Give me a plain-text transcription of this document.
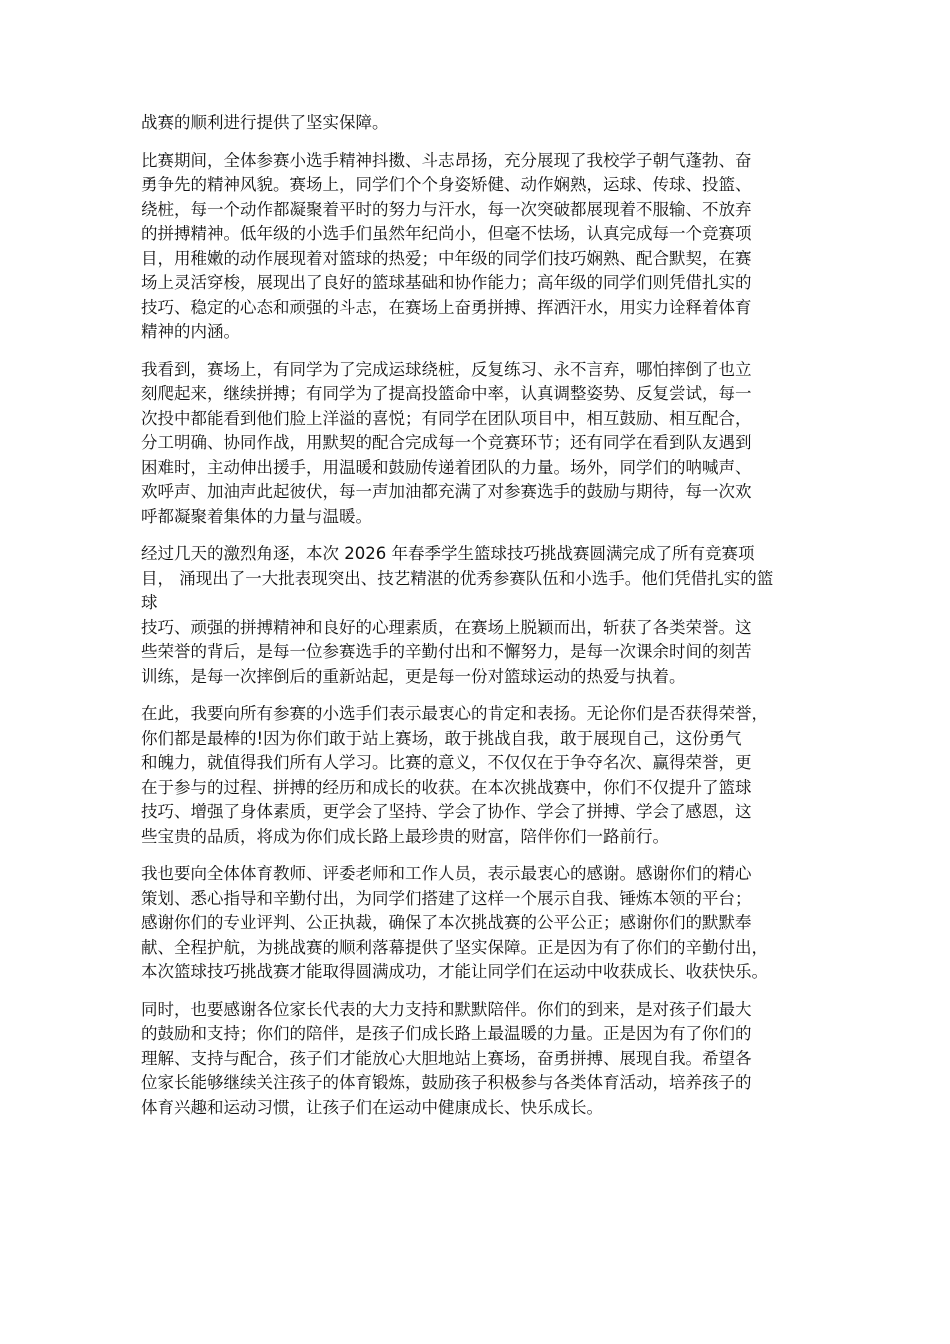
战赛的顺利进行提供了坚实保障。
比赛期间，全体参赛小选手精神抖擞、斗志昂扬，充分展现了我校学子朝气蓬勃、奋
勇争先的精神风貌。赛场上，同学们个个身姿矫健、动作娴熟，运球、传球、投篮、
绕桩，每一个动作都凝聚着平时的努力与汗水，每一次突破都展现着不服输、不放弃
的拼搏精神。低年级的小选手们虽然年纪尚小，但毫不怯场，认真完成每一个竞赛项
目，用稚嫩的动作展现着对篮球的热爱；中年级的同学们技巧娴熟、配合默契，在赛
场上灵活穿梭，展现出了良好的篮球基础和协作能力；高年级的同学们则凭借扎实的
技巧、稳定的心态和顽强的斗志，在赛场上奋勇拼搏、挥洒汗水，用实力诠释着体育
精神的内涵。
我看到，赛场上，有同学为了完成运球绕桩，反复练习、永不言弃，哪怕摔倒了也立
刻爬起来，继续拼搏；有同学为了提高投篮命中率，认真调整姿势、反复尝试，每一
次投中都能看到他们脸上洋溢的喜悦；有同学在团队项目中，相互鼓励、相互配合，
分工明确、协同作战，用默契的配合完成每一个竞赛环节；还有同学在看到队友遇到
困难时，主动伸出援手，用温暖和鼓励传递着团队的力量。场外，同学们的呐喊声、
欢呼声、加油声此起彼伏，每一声加油都充满了对参赛选手的鼓励与期待，每一次欢
呼都凝聚着集体的力量与温暖。
经过几天的激烈角逐，本次 2026 年春季学生篮球技巧挑战赛圆满完成了所有竞赛项
目， 涌现出了一大批表现突出、技艺精湛的优秀参赛队伍和小选手。他们凭借扎实的篮
球
技巧、顽强的拼搏精神和良好的心理素质，在赛场上脱颖而出，斩获了各类荣誉。这
些荣誉的背后，是每一位参赛选手的辛勤付出和不懈努力，是每一次课余时间的刻苦
训练，是每一次摔倒后的重新站起，更是每一份对篮球运动的热爱与执着。
在此，我要向所有参赛的小选手们表示最衷心的肯定和表扬。无论你们是否获得荣誉，
你们都是最棒的!因为你们敢于站上赛场，敢于挑战自我，敢于展现自己，这份勇气
和魄力，就值得我们所有人学习。比赛的意义，不仅仅在于争夺名次、赢得荣誉，更
在于参与的过程、拼搏的经历和成长的收获。在本次挑战赛中，你们不仅提升了篮球
技巧、增强了身体素质，更学会了坚持、学会了协作、学会了拼搏、学会了感恩，这
些宝贵的品质，将成为你们成长路上最珍贵的财富，陪伴你们一路前行。
我也要向全体体育教师、评委老师和工作人员，表示最衷心的感谢。感谢你们的精心
策划、悉心指导和辛勤付出，为同学们搭建了这样一个展示自我、锤炼本领的平台；
感谢你们的专业评判、公正执裁，确保了本次挑战赛的公平公正；感谢你们的默默奉
献、全程护航，为挑战赛的顺利落幕提供了坚实保障。正是因为有了你们的辛勤付出，
本次篮球技巧挑战赛才能取得圆满成功，才能让同学们在运动中收获成长、收获快乐。
同时，也要感谢各位家长代表的大力支持和默默陪伴。你们的到来，是对孩子们最大
的鼓励和支持；你们的陪伴，是孩子们成长路上最温暖的力量。正是因为有了你们的
理解、支持与配合，孩子们才能放心大胆地站上赛场，奋勇拼搏、展现自我。希望各
位家长能够继续关注孩子的体育锻炼，鼓励孩子积极参与各类体育活动，培养孩子的
体育兴趣和运动习惯，让孩子们在运动中健康成长、快乐成长。
